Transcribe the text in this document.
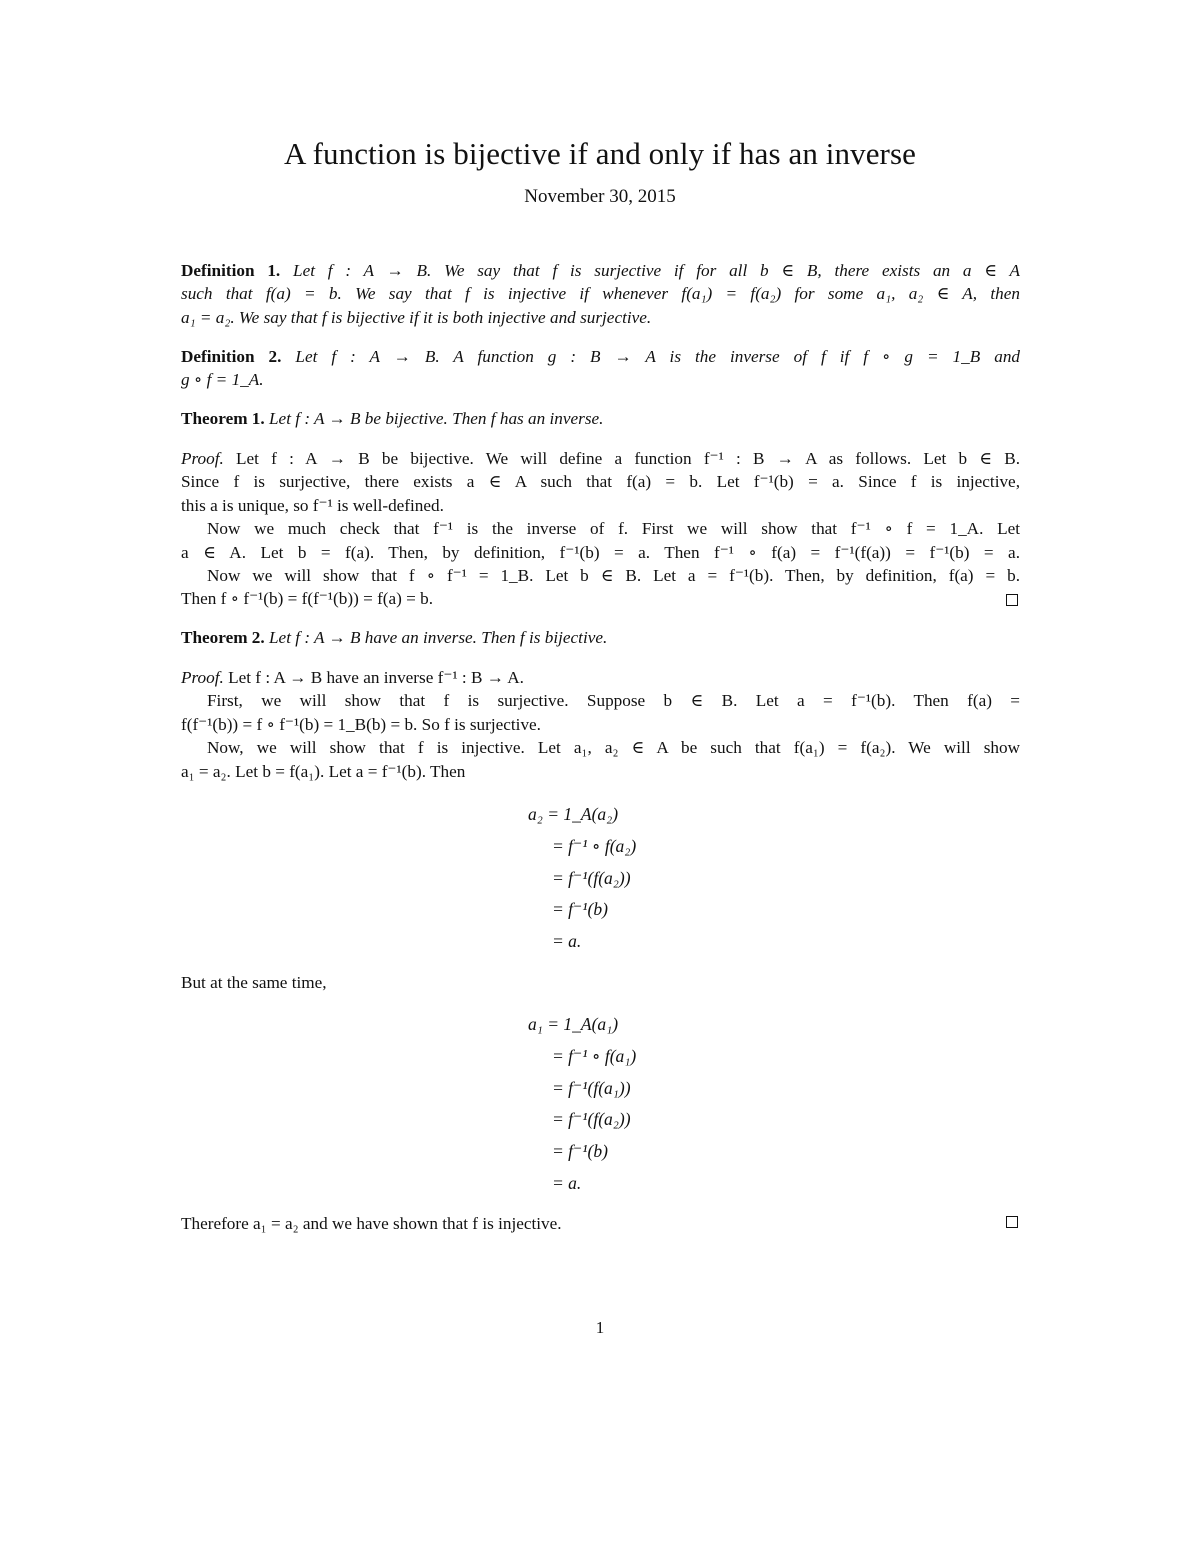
A function is bijective if and only if has an inverse
November 30, 2015
Definition 1. Let f : A → B. We say that f is surjective if for all b ∈ B, there exists an a ∈ A
such that f(a) = b. We say that f is injective if whenever f(a₁) = f(a₂) for some a₁, a₂ ∈ A, then
a₁ = a₂. We say that f is bijective if it is both injective and surjective.
Definition 2. Let f : A → B. A function g : B → A is the inverse of f if f ∘ g = 1_B and
g ∘ f = 1_A.
Theorem 1. Let f : A → B be bijective. Then f has an inverse.
Proof. Let f : A → B be bijective. We will define a function f⁻¹ : B → A as follows. Let b ∈ B.
Since f is surjective, there exists a ∈ A such that f(a) = b. Let f⁻¹(b) = a. Since f is injective,
this a is unique, so f⁻¹ is well-defined.
Now we much check that f⁻¹ is the inverse of f. First we will show that f⁻¹ ∘ f = 1_A. Let
a ∈ A. Let b = f(a). Then, by definition, f⁻¹(b) = a. Then f⁻¹ ∘ f(a) = f⁻¹(f(a)) = f⁻¹(b) = a.
Now we will show that f ∘ f⁻¹ = 1_B. Let b ∈ B. Let a = f⁻¹(b). Then, by definition, f(a) = b.
Then f ∘ f⁻¹(b) = f(f⁻¹(b)) = f(a) = b.
Theorem 2. Let f : A → B have an inverse. Then f is bijective.
Proof. Let f : A → B have an inverse f⁻¹ : B → A.
First, we will show that f is surjective. Suppose b ∈ B. Let a = f⁻¹(b). Then f(a) =
f(f⁻¹(b)) = f ∘ f⁻¹(b) = 1_B(b) = b. So f is surjective.
Now, we will show that f is injective. Let a₁, a₂ ∈ A be such that f(a₁) = f(a₂). We will show
a₁ = a₂. Let b = f(a₁). Let a = f⁻¹(b). Then
a₂ = 1_A(a₂)
= f⁻¹ ∘ f(a₂)
= f⁻¹(f(a₂))
= f⁻¹(b)
= a.
But at the same time,
a₁ = 1_A(a₁)
= f⁻¹ ∘ f(a₁)
= f⁻¹(f(a₁))
= f⁻¹(f(a₂))
= f⁻¹(b)
= a.
Therefore a₁ = a₂ and we have shown that f is injective.
1
